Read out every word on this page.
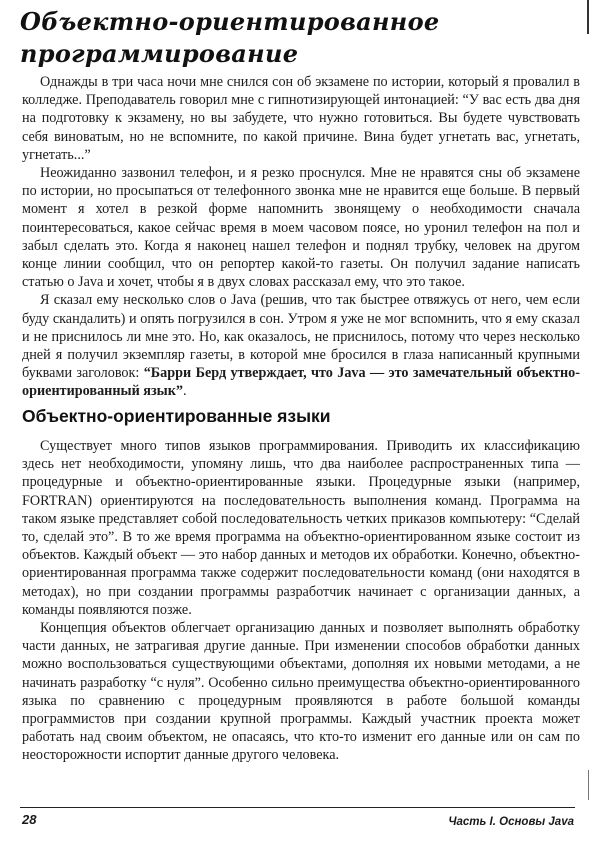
Объектно-ориентированное программирование

Однажды в три часа ночи мне снился сон об экзамене по истории, который я провалил в колледже. Преподаватель говорил мне с гипнотизирующей интонацией: “У вас есть два дня на подготовку к экзамену, но вы забудете, что нужно готовиться. Вы будете чувствовать себя виноватым, но не вспомните, по какой причине. Вина будет угнетать вас, угнетать, угнетать...”

Неожиданно зазвонил телефон, и я резко проснулся. Мне не нравятся сны об экзамене по истории, но просыпаться от телефонного звонка мне не нравится еще больше. В первый момент я хотел в резкой форме напомнить звонящему о необходимости сначала поинтересоваться, какое сейчас время в моем часовом поясе, но уронил телефон на пол и забыл сделать это. Когда я наконец нашел телефон и поднял трубку, человек на другом конце линии сообщил, что он репортер какой-то газеты. Он получил задание написать статью о Java и хочет, чтобы я в двух словах рассказал ему, что это такое.

Я сказал ему несколько слов о Java (решив, что так быстрее отвяжусь от него, чем если буду скандалить) и опять погрузился в сон. Утром я уже не мог вспомнить, что я ему сказал и не приснилось ли мне это. Но, как оказалось, не приснилось, потому что через несколько дней я получил экземпляр газеты, в которой мне бросился в глаза написанный крупными буквами заголовок: “Барри Берд утверждает, что Java — это замечательный объектно-ориентированный язык”.

Объектно-ориентированные языки

Существует много типов языков программирования. Приводить их классификацию здесь нет необходимости, упомяну лишь, что два наиболее распространенных типа — процедурные и объектно-ориентированные языки. Процедурные языки (например, FORTRAN) ориентируются на последовательность выполнения команд. Программа на таком языке представляет собой последовательность четких приказов компьютеру: “Сделай то, сделай это”. В то же время программа на объектно-ориентированном языке состоит из объектов. Каждый объект — это набор данных и методов их обработки. Конечно, объектно-ориентированная программа также содержит последовательности команд (они находятся в методах), но при создании программы разработчик начинает с организации данных, а команды появляются позже.

Концепция объектов облегчает организацию данных и позволяет выполнять обработку части данных, не затрагивая другие данные. При изменении способов обработки данных можно воспользоваться существующими объектами, дополняя их новыми методами, а не начинать разработку “с нуля”. Особенно сильно преимущества объектно-ориентированного языка по сравнению с процедурным проявляются в работе большой команды программистов при создании крупной программы. Каждый участник проекта может работать над своим объектом, не опасаясь, что кто-то изменит его данные или он сам по неосторожности испортит данные другого человека.

28	Часть I. Основы Java
